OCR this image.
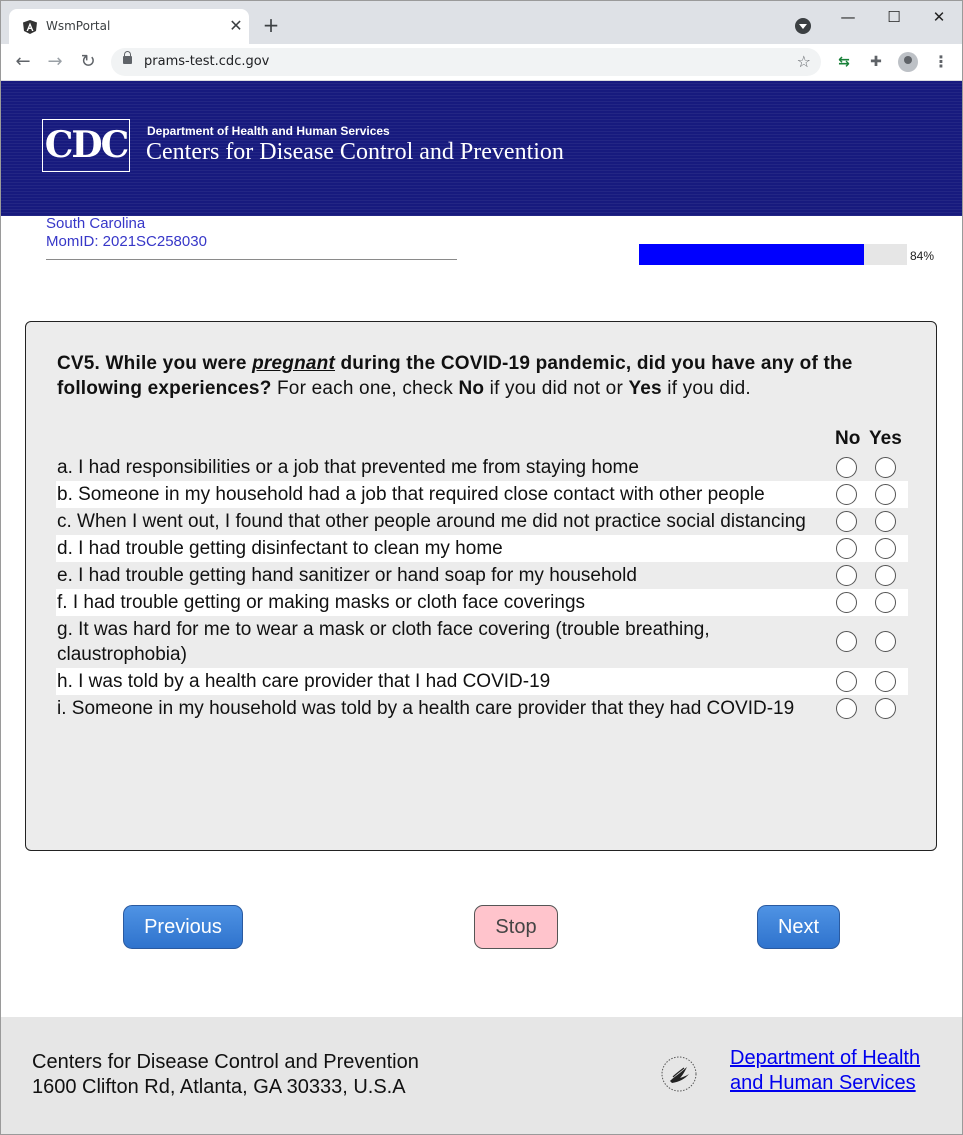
WsmPortal	✕ +	— ☐ ✕
← → ↻	prams-test.cdc.gov	☆ ⇆ ✚	⋮
CDC Department of Health and Human Services
Centers for Disease Control and Prevention
South Carolina
MomID: 2021SC258030
84%
CV5. While you were pregnant during the COVID-19 pandemic, did you have any of the following experiences? For each one, check No if you did not or Yes if you did.
No Yes
a. I had responsibilities or a job that prevented me from staying home
b. Someone in my household had a job that required close contact with other people
c. When I went out, I found that other people around me did not practice social distancing
d. I had trouble getting disinfectant to clean my home
e. I had trouble getting hand sanitizer or hand soap for my household
f. I had trouble getting or making masks or cloth face coverings
g. It was hard for me to wear a mask or cloth face covering (trouble breathing, claustrophobia)
h. I was told by a health care provider that I had COVID-19
i. Someone in my household was told by a health care provider that they had COVID-19
Previous	Stop	Next
Centers for Disease Control and Prevention
1600 Clifton Rd, Atlanta, GA 30333, U.S.A
Department of Health and Human Services
